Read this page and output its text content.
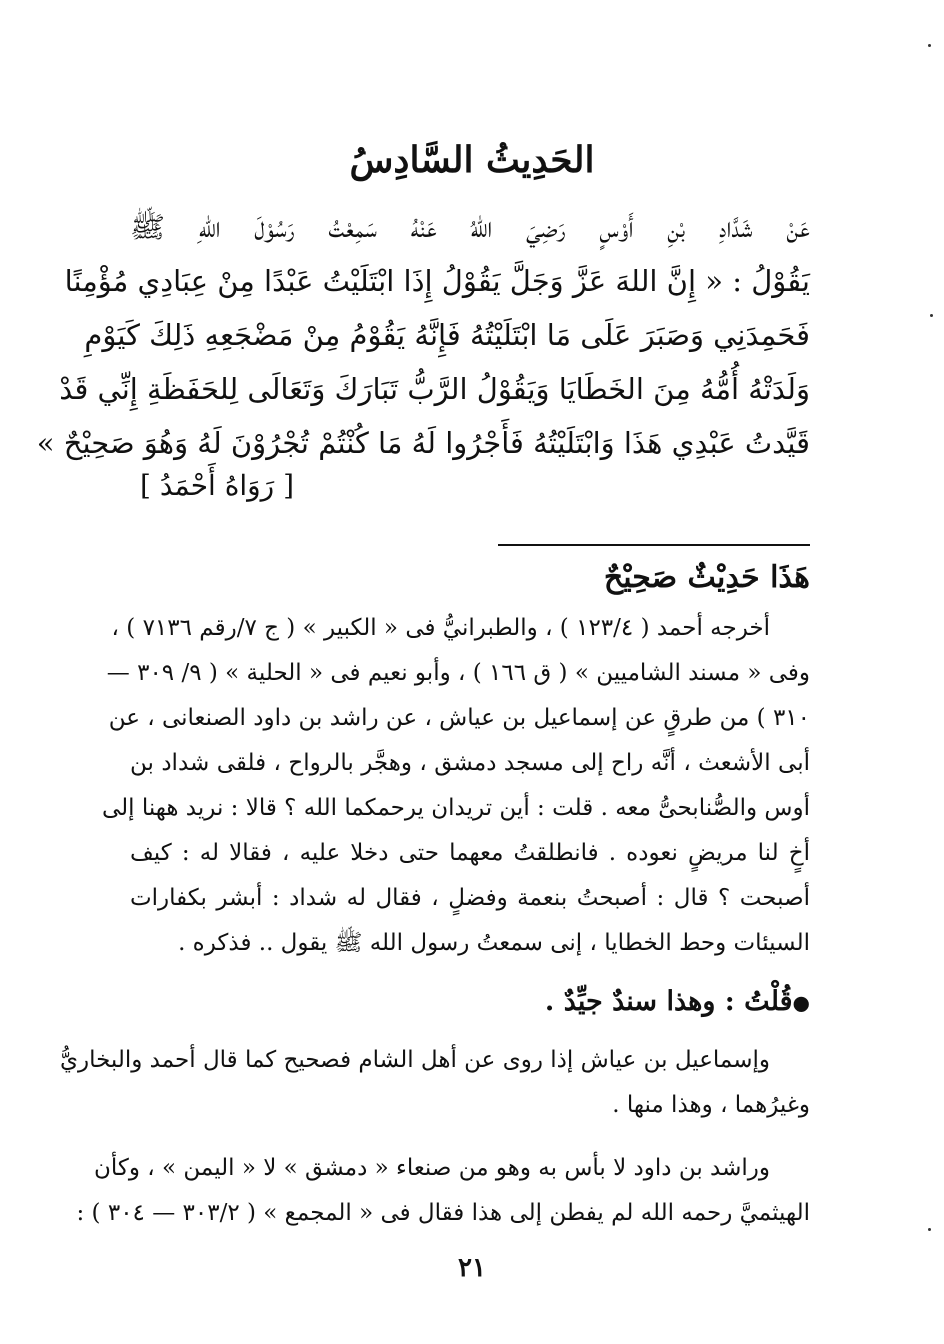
الحَدِيثُ السَّادِسُ
عَنْ شَدَّادِ بْنِ أَوْسٍ رَضِيَ اللهُ عَنْهُ سَمِعْتُ رَسُوْلَ اللهِ ﷺ
يَقُوْلُ : « إِنَّ اللهَ عَزَّ وَجَلَّ يَقُوْلُ إِذَا ابْتَلَيْتُ عَبْدًا مِنْ عِبَادِي مُؤْمِنًا
فَحَمِدَنِي وَصَبَرَ عَلَى مَا ابْتَلَيْتُهُ فَإِنَّهُ يَقُوْمُ مِنْ مَضْجَعِهِ ذَلِكَ كَيَوْمِ
وَلَدَتْهُ أُمُّهُ مِنَ الخَطَايَا وَيَقُوْلُ الرَّبُّ تَبَارَكَ وَتَعَالَى لِلحَفَظَةِ إِنِّي قَدْ
قَيَّدتُ عَبْدِي هَذَا وَابْتَلَيْتُهُ فَأَجْرُوا لَهُ مَا كُنْتُمْ تُجْرُوْنَ لَهُ وَهُوَ صَحِيْحٌ »
[ رَوَاهُ أَحْمَدُ ]
هَذَا حَدِيْثٌ صَحِيْحٌ
أخرجه أحمد ( ١٢٣/٤ ) ، والطبرانيُّ فى « الكبير » ( ج ٧/رقم ٧١٣٦ ) ،
وفى « مسند الشاميين » ( ق ١٦٦ ) ، وأبو نعيم فى « الحلية » ( ٩/ ٣٠٩ —
٣١٠ ) من طرقٍ عن إسماعيل بن عياش ، عن راشد بن داود الصنعانى ، عن
أبى الأشعث ، أنَّه راح إلى مسجد دمشق ، وهجَّر بالرواح ، فلقى شداد بن
أوس والصُّنابحىُّ معه . قلت : أين تريدان يرحمكما الله ؟ قالا : نريد ههنا إلى
أخٍ لنا مريضٍ نعوده . فانطلقتُ معهما حتى دخلا عليه ، فقالا له : كيف
أصبحت ؟ قال : أصبحتُ بنعمة وفضلٍ ، فقال له شداد : أبشر بكفارات
السيئات وحط الخطايا ، إنى سمعتُ رسول الله ﷺ يقول .. فذكره .
●قُلْتُ : وهذا سندٌ جيِّدٌ .
وإسماعيل بن عياش إذا روى عن أهل الشام فصحيح كما قال أحمد والبخاريُّ
وغيرُهما ، وهذا منها .
وراشد بن داود لا بأس به وهو من صنعاء « دمشق » لا « اليمن » ، وكأن
الهيثميَّ رحمه الله لم يفطن إلى هذا فقال فى « المجمع » ( ٣٠٣/٢ — ٣٠٤ ) :
٢١
